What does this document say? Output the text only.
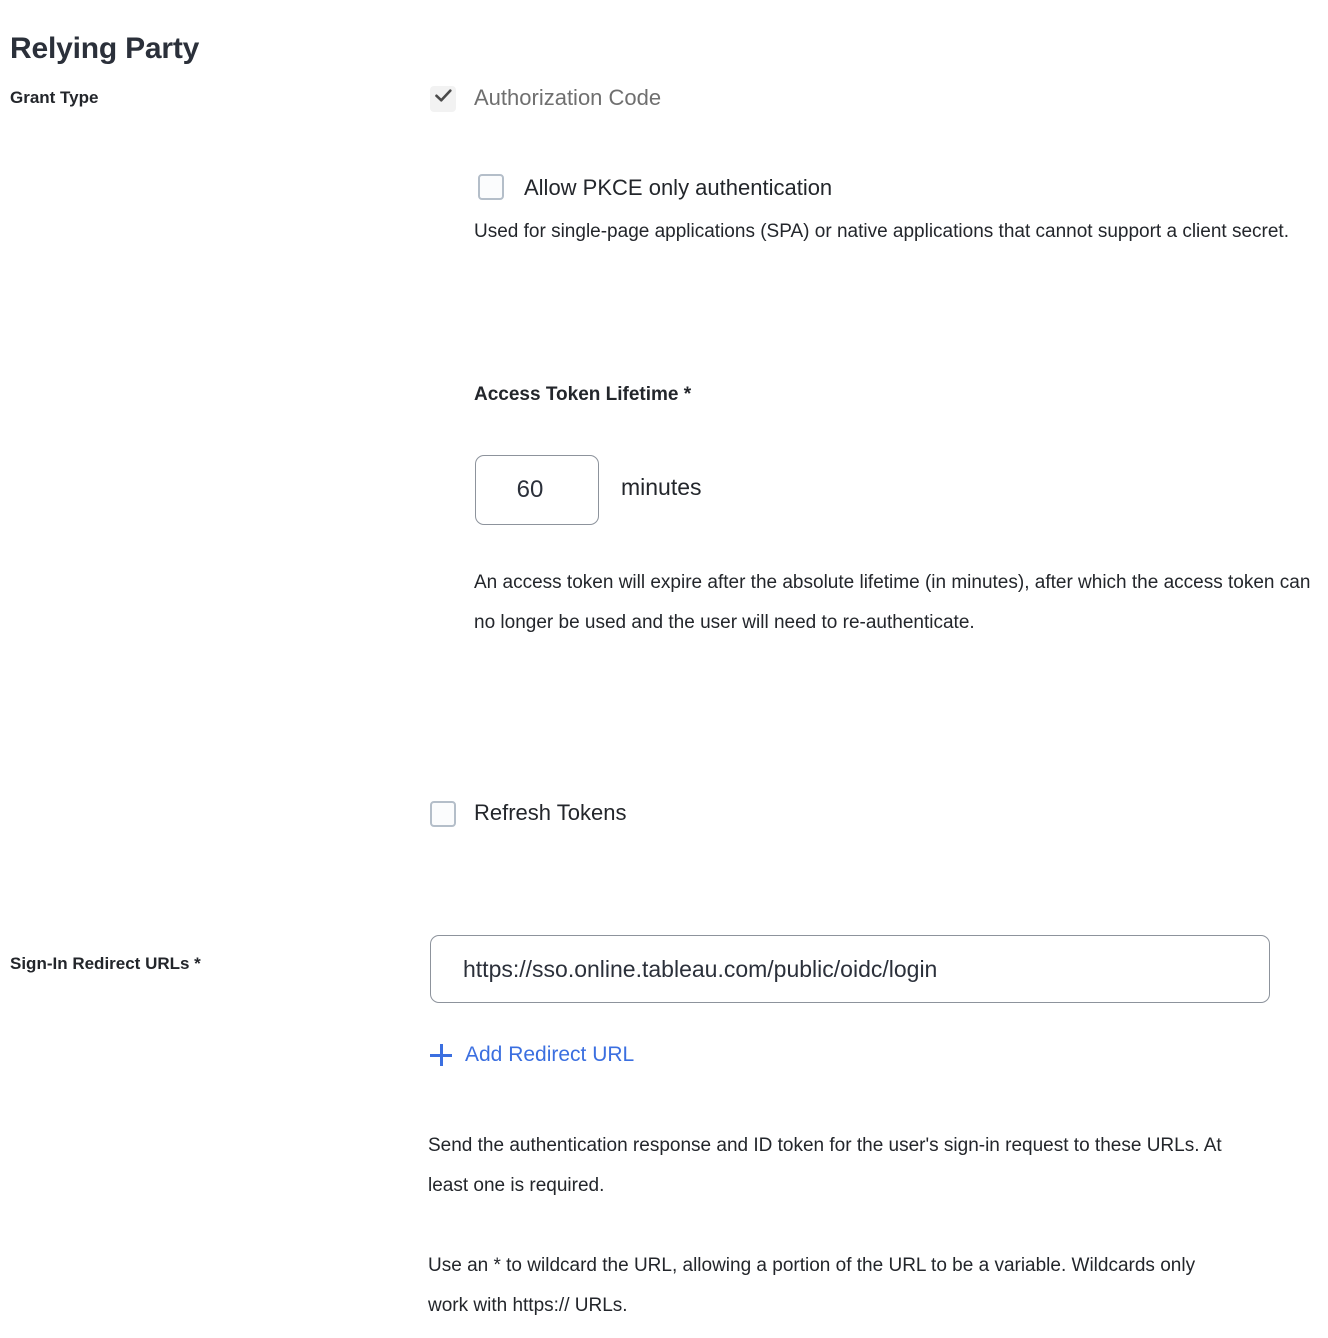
Relying Party
Grant Type	Authorization Code
Allow PKCE only authentication
Used for single-page applications (SPA) or native applications that cannot support a client secret.
Access Token Lifetime *
60
minutes
An access token will expire after the absolute lifetime (in minutes), after which the access token can no longer be used and the user will need to re-authenticate.
Refresh Tokens
Sign-In Redirect URLs *
https://sso.online.tableau.com/public/oidc/login
Add Redirect URL
Send the authentication response and ID token for the user's sign-in request to these URLs. At least one is required.
Use an * to wildcard the URL, allowing a portion of the URL to be a variable. Wildcards only work with https:// URLs.
